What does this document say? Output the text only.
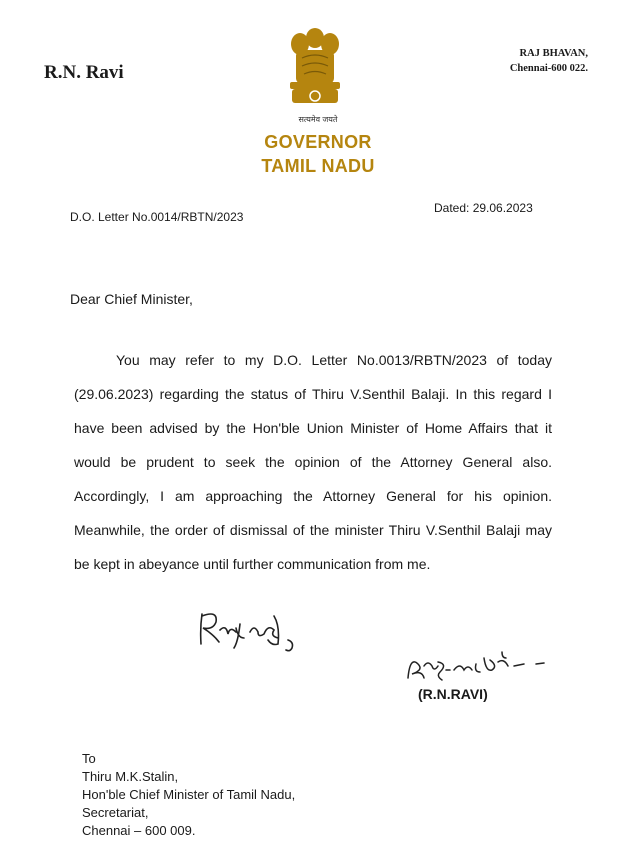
R.N. Ravi
RAJ BHAVAN,
Chennai-600 022.
सत्यमेव जयते
GOVERNOR
TAMIL NADU
D.O. Letter No.0014/RBTN/2023
Dated: 29.06.2023
Dear Chief Minister,
You may refer to my D.O. Letter No.0013/RBTN/2023 of today (29.06.2023) regarding the status of Thiru V.Senthil Balaji. In this regard I have been advised by the Hon'ble Union Minister of Home Affairs that it would be prudent to seek the opinion of the Attorney General also. Accordingly, I am approaching the Attorney General for his opinion. Meanwhile, the order of dismissal of the minister Thiru V.Senthil Balaji may be kept in abeyance until further communication from me.
(R.N.RAVI)
To
Thiru M.K.Stalin,
Hon'ble Chief Minister of Tamil Nadu,
Secretariat,
Chennai – 600 009.
